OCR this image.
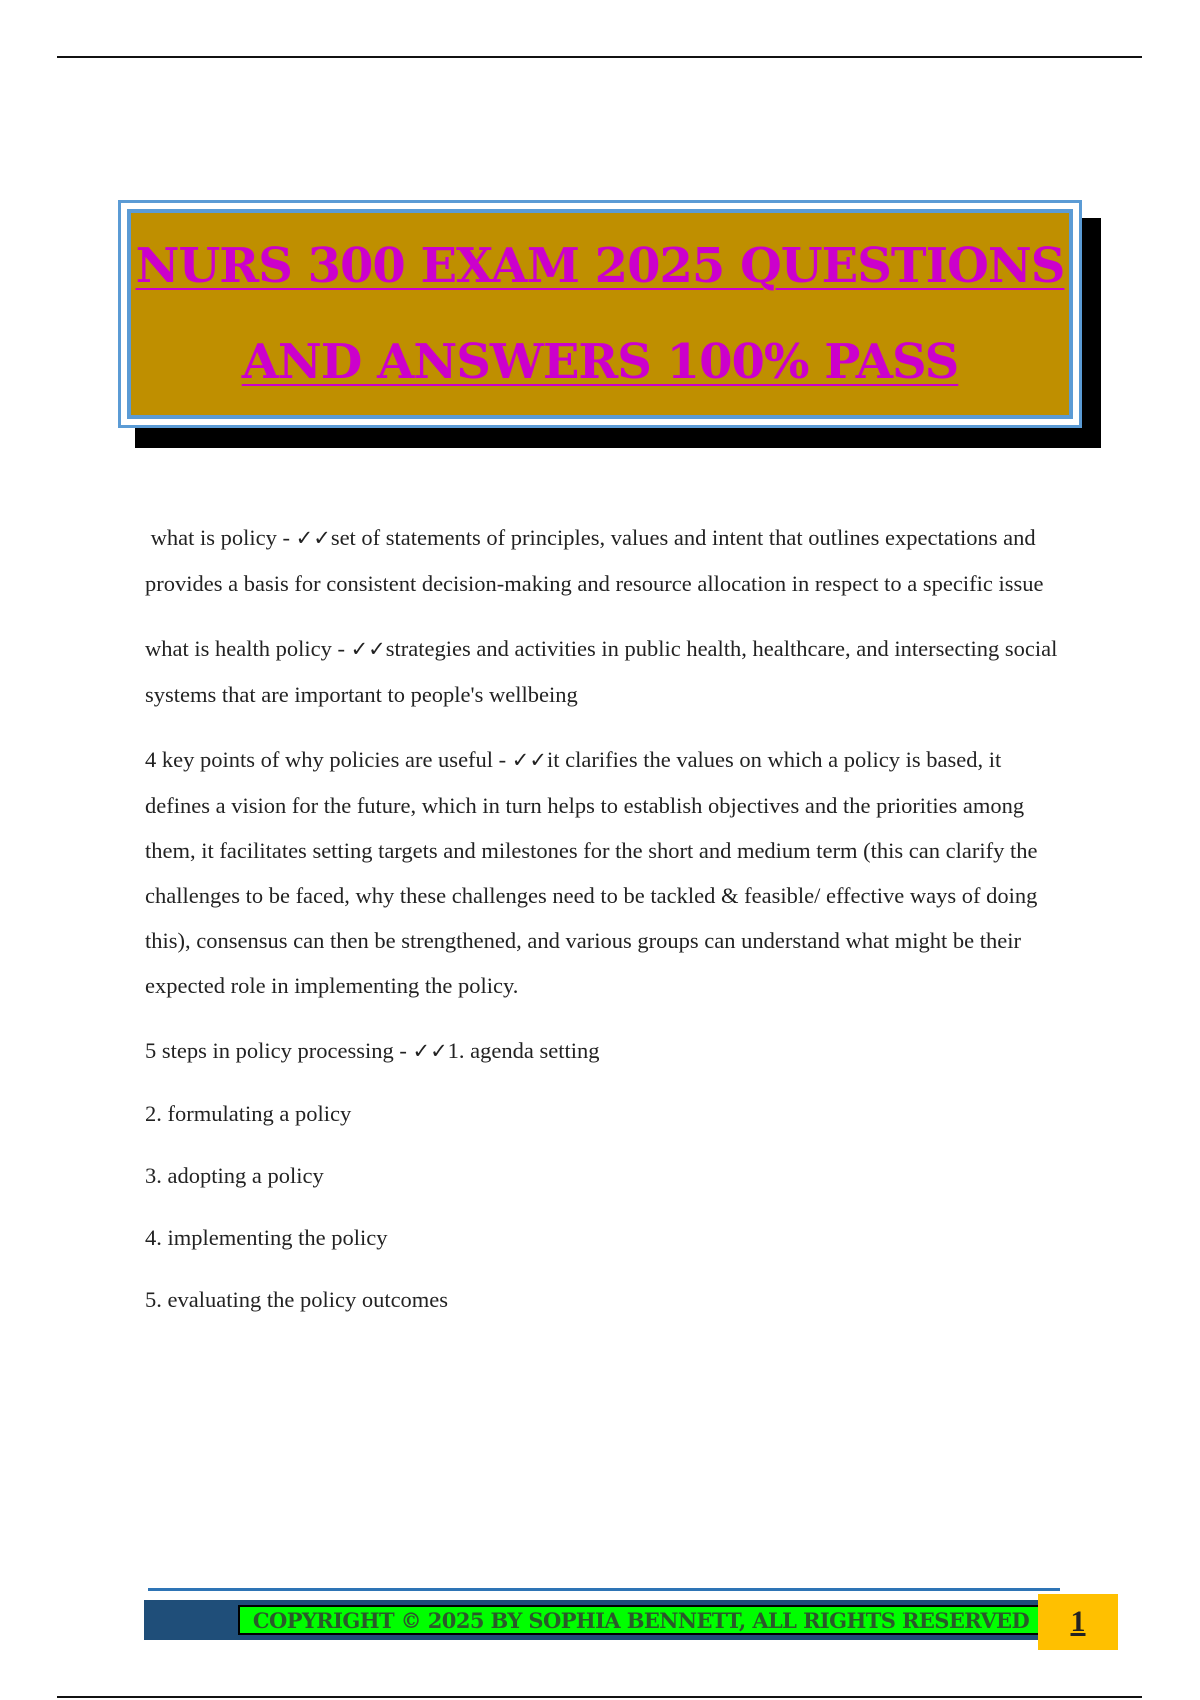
NURS 300 EXAM 2025 QUESTIONS
AND ANSWERS 100% PASS

what is policy - ✓✓set of statements of principles, values and intent that outlines expectations and provides a basis for consistent decision-making and resource allocation in respect to a specific issue

what is health policy - ✓✓strategies and activities in public health, healthcare, and intersecting social systems that are important to people's wellbeing

4 key points of why policies are useful - ✓✓it clarifies the values on which a policy is based, it defines a vision for the future, which in turn helps to establish objectives and the priorities among them, it facilitates setting targets and milestones for the short and medium term (this can clarify the challenges to be faced, why these challenges need to be tackled & feasible/ effective ways of doing this), consensus can then be strengthened, and various groups can understand what might be their expected role in implementing the policy.

5 steps in policy processing - ✓✓1. agenda setting

2. formulating a policy

3. adopting a policy

4. implementing the policy

5. evaluating the policy outcomes

COPYRIGHT © 2025 BY SOPHIA BENNETT, ALL RIGHTS RESERVED	1
